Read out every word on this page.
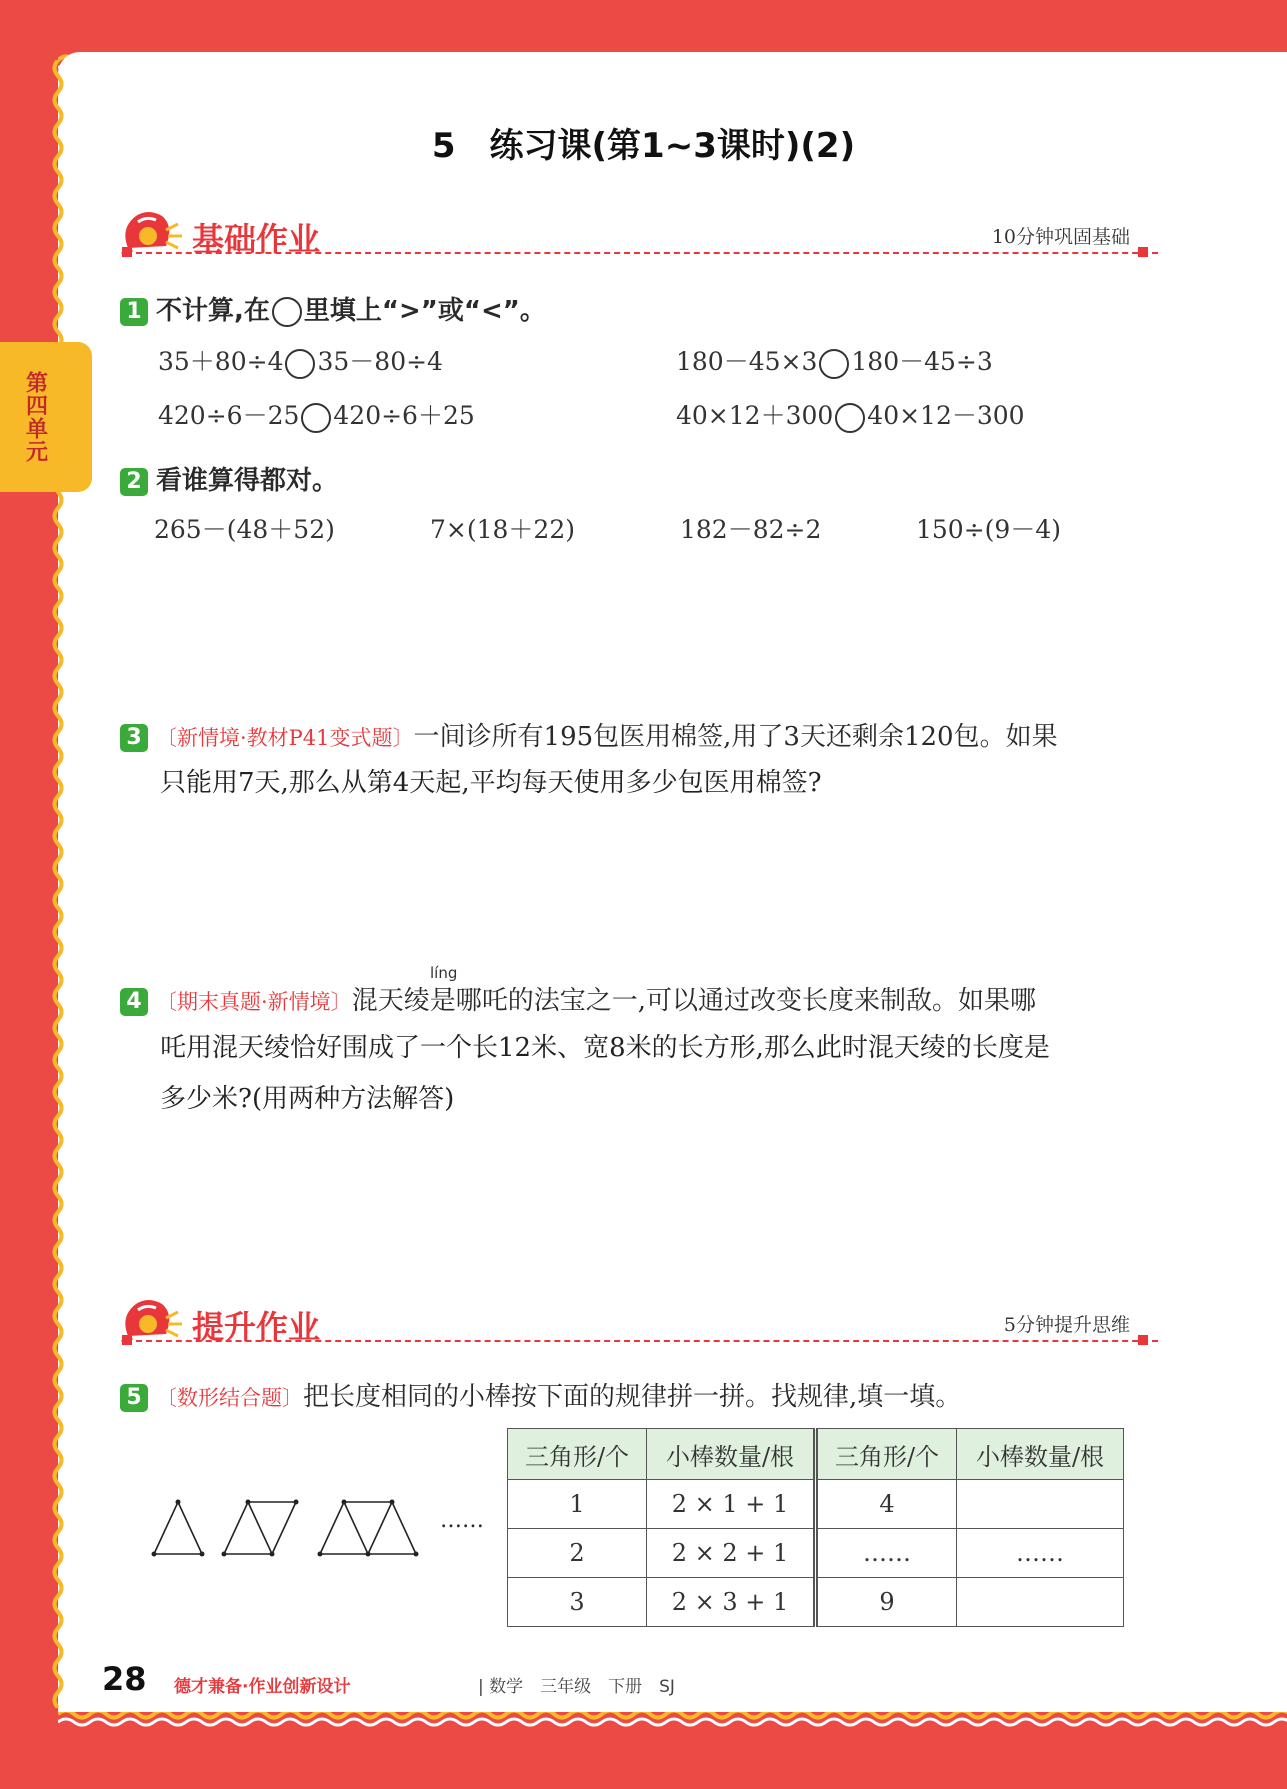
第四单元
5　练习课(第1~3课时)(2)
基础作业	10分钟巩固基础
1 不计算,在 里填上“>”或“<”。
35＋80÷4 35－80÷4	180－45×3 180－45÷3
420÷6－25 420÷6＋25	40×12＋300 40×12－300
2 看谁算得都对。
265－(48＋52)	7×(18＋22)	182－82÷2	150÷(9－4)
3 〔新情境·教材P41变式题〕一间诊所有195包医用棉签,用了3天还剩余120包。如果
只能用7天,那么从第4天起,平均每天使用多少包医用棉签?
líng
4 〔期末真题·新情境〕混天绫是哪吒的法宝之一,可以通过改变长度来制敌。如果哪
吒用混天绫恰好围成了一个长12米、宽8米的长方形,那么此时混天绫的长度是
多少米?(用两种方法解答)
提升作业	5分钟提升思维
5 〔数形结合题〕把长度相同的小棒按下面的规律拼一拼。找规律,填一填。
……
三角形/个	小棒数量/根	三角形/个	小棒数量/根
1	2 × 1 + 1	4	
2	2 × 2 + 1	……	……
3	2 × 3 + 1	9	
28 德才兼备·作业创新设计	| 数学　三年级　下册　SJ
